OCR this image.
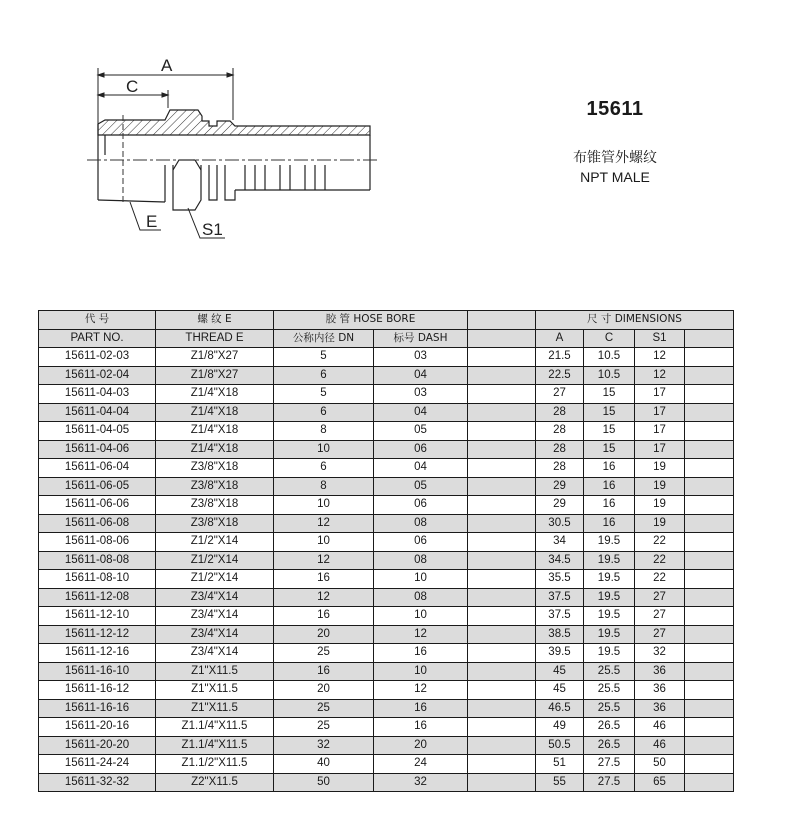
A
C
E	S1
15611
布锥管外螺纹
NPT MALE
代 号	螺 纹 E	胶 管 HOSE BORE			尺 寸 DIMENSIONS			
PART NO.	THREAD E	公称内径 DN	标号 DASH		A	C	S1	
15611-02-03	Z1/8"X27	5	03		21.5	10.5	12	
15611-02-04	Z1/8"X27	6	04		22.5	10.5	12	
15611-04-03	Z1/4"X18	5	03		27	15	17	
15611-04-04	Z1/4"X18	6	04		28	15	17	
15611-04-05	Z1/4"X18	8	05		28	15	17	
15611-04-06	Z1/4"X18	10	06		28	15	17	
15611-06-04	Z3/8"X18	6	04		28	16	19	
15611-06-05	Z3/8"X18	8	05		29	16	19	
15611-06-06	Z3/8"X18	10	06		29	16	19	
15611-06-08	Z3/8"X18	12	08		30.5	16	19	
15611-08-06	Z1/2"X14	10	06		34	19.5	22	
15611-08-08	Z1/2"X14	12	08		34.5	19.5	22	
15611-08-10	Z1/2"X14	16	10		35.5	19.5	22	
15611-12-08	Z3/4"X14	12	08		37.5	19.5	27	
15611-12-10	Z3/4"X14	16	10		37.5	19.5	27	
15611-12-12	Z3/4"X14	20	12		38.5	19.5	27	
15611-12-16	Z3/4"X14	25	16		39.5	19.5	32	
15611-16-10	Z1"X11.5	16	10		45	25.5	36	
15611-16-12	Z1"X11.5	20	12		45	25.5	36	
15611-16-16	Z1"X11.5	25	16		46.5	25.5	36	
15611-20-16	Z1.1/4"X11.5	25	16		49	26.5	46	
15611-20-20	Z1.1/4"X11.5	32	20		50.5	26.5	46	
15611-24-24	Z1.1/2"X11.5	40	24		51	27.5	50	
15611-32-32	Z2"X11.5	50	32		55	27.5	65	
